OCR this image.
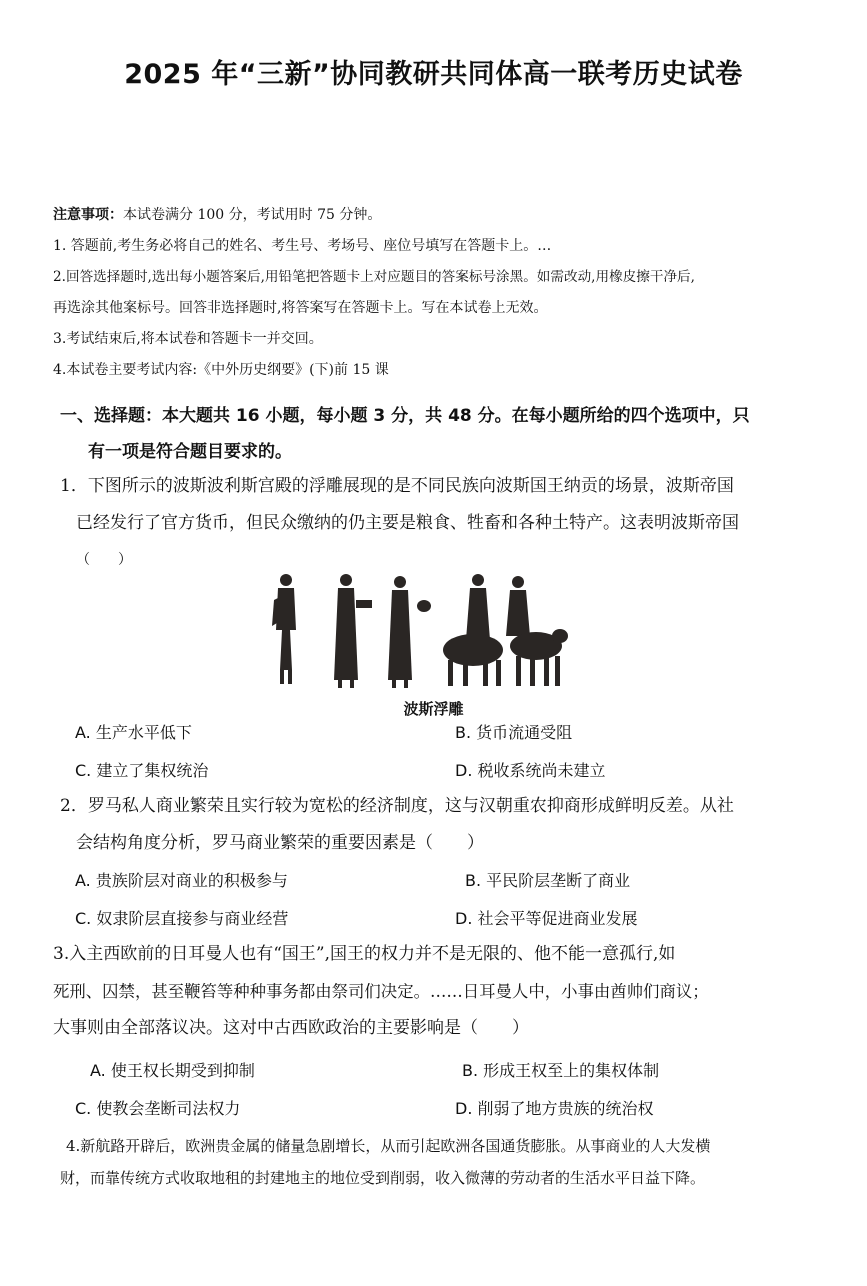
2025 年“三新”协同教研共同体高一联考历史试卷
注意事项：本试卷满分 100 分，考试用时 75 分钟。
1. 答题前,考生务必将自己的姓名、考生号、考场号、座位号填写在答题卡上。…
2.回答选择题时,选出每小题答案后,用铅笔把答题卡上对应题目的答案标号涂黑。如需改动,用橡皮擦干净后,
再选涂其他案标号。回答非选择题时,将答案写在答题卡上。写在本试卷上无效。
3.考试结束后,将本试卷和答题卡一并交回。
4.本试卷主要考试内容:《中外历史纲要》(下)前 15 课
一、选择题：本大题共 16 小题，每小题 3 分，共 48 分。在每小题所给的四个选项中，只
有一项是符合题目要求的。
1．下图所示的波斯波利斯宫殿的浮雕展现的是不同民族向波斯国王纳贡的场景，波斯帝国
已经发行了官方货币，但民众缴纳的仍主要是粮食、牲畜和各种土特产。这表明波斯帝国
（　　）
波斯浮雕
A. 生产水平低下	B. 货币流通受阻
C. 建立了集权统治	D. 税收系统尚未建立
2．罗马私人商业繁荣且实行较为宽松的经济制度，这与汉朝重农抑商形成鲜明反差。从社
会结构角度分析，罗马商业繁荣的重要因素是（　　）
A. 贵族阶层对商业的积极参与	B. 平民阶层垄断了商业
C. 奴隶阶层直接参与商业经营	D. 社会平等促进商业发展
3.入主西欧前的日耳曼人也有“国王”,国王的权力并不是无限的、他不能一意孤行,如
死刑、囚禁，甚至鞭笞等种种事务都由祭司们决定。……日耳曼人中，小事由酋帅们商议；
大事则由全部落议决。这对中古西欧政治的主要影响是（　　）
A. 使王权长期受到抑制	B. 形成王权至上的集权体制
C. 使教会垄断司法权力	D. 削弱了地方贵族的统治权
4.新航路开辟后，欧洲贵金属的储量急剧增长，从而引起欧洲各国通货膨胀。从事商业的人大发横
财，而靠传统方式收取地租的封建地主的地位受到削弱，收入微薄的劳动者的生活水平日益下降。
